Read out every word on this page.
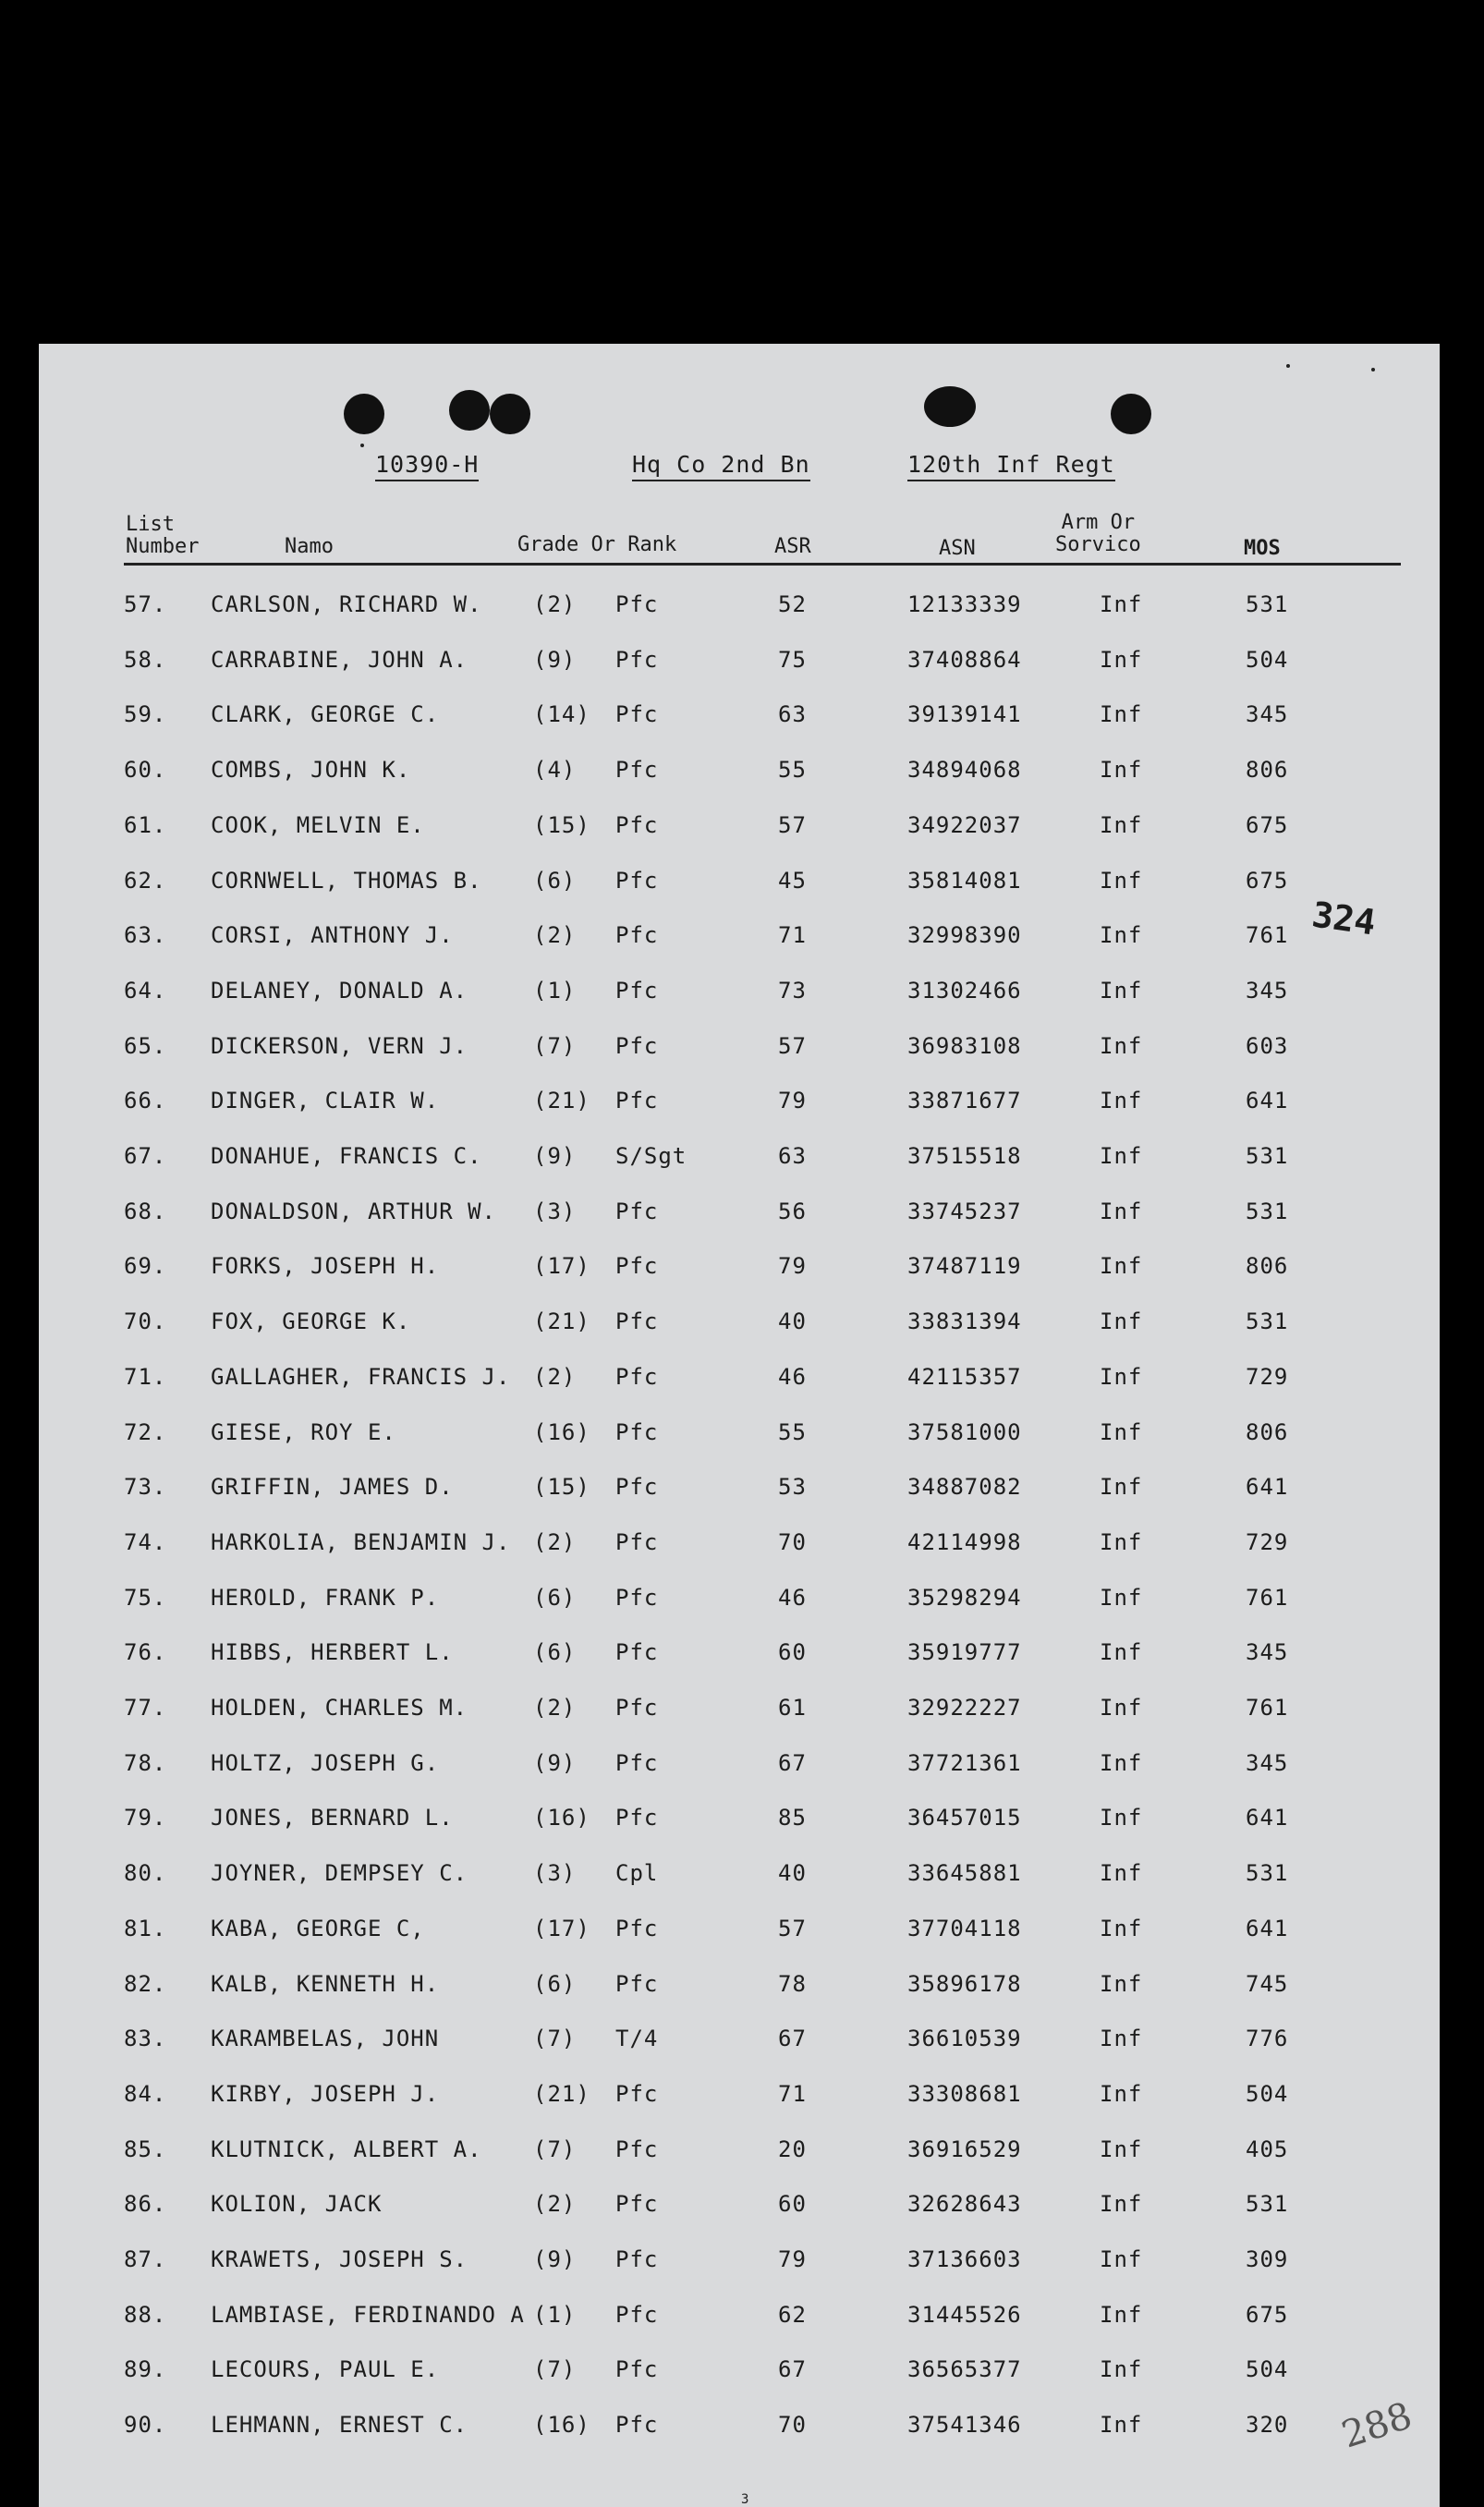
10390-H	Hq Co 2nd Bn	120th Inf Regt
List
Number	Namo	Grade Or Rank	ASR	ASN
Arm Or
Sorvico	MOS
57. CARLSON, RICHARD W. (2) Pfc	52	12133339	Inf	531
58. CARRABINE, JOHN A.	(9) Pfc	75	37408864	Inf	504
59. CLARK, GEORGE C.	(14) Pfc	63	39139141	Inf	345
60. COMBS, JOHN K.	(4) Pfc	55	34894068	Inf	806
61. COOK, MELVIN E.	(15) Pfc	57	34922037	Inf	675
62. CORNWELL, THOMAS B. (6) Pfc	45	35814081	Inf	675
63. CORSI, ANTHONY J.	(2) Pfc	71	32998390	Inf	761
64. DELANEY, DONALD A.	(1) Pfc	73	31302466	Inf	345
65. DICKERSON, VERN J.	(7) Pfc	57	36983108	Inf	603
66. DINGER, CLAIR W.	(21) Pfc	79	33871677	Inf	641
67. DONAHUE, FRANCIS C. (9) S/Sgt	63	37515518	Inf	531
68. DONALDSON, ARTHUR W. (3) Pfc	56	33745237	Inf	531
69. FORKS, JOSEPH H.	(17) Pfc	79	37487119	Inf	806
70. FOX, GEORGE K.	(21) Pfc	40	33831394	Inf	531
71. GALLAGHER, FRANCIS J. (2) Pfc	46	42115357	Inf	729
72. GIESE, ROY E.	(16) Pfc	55	37581000	Inf	806
73. GRIFFIN, JAMES D.	(15) Pfc	53	34887082	Inf	641
74. HARKOLIA, BENJAMIN J. (2) Pfc	70	42114998	Inf	729
75. HEROLD, FRANK P.	(6) Pfc	46	35298294	Inf	761
76. HIBBS, HERBERT L.	(6) Pfc	60	35919777	Inf	345
77. HOLDEN, CHARLES M.	(2) Pfc	61	32922227	Inf	761
78. HOLTZ, JOSEPH G.	(9) Pfc	67	37721361	Inf	345
79. JONES, BERNARD L.	(16) Pfc	85	36457015	Inf	641
80. JOYNER, DEMPSEY C.	(3) Cpl	40	33645881	Inf	531
81. KABA, GEORGE C,	(17) Pfc	57	37704118	Inf	641
82. KALB, KENNETH H.	(6) Pfc	78	35896178	Inf	745
83. KARAMBELAS, JOHN	(7) T/4	67	36610539	Inf	776
84. KIRBY, JOSEPH J.	(21) Pfc	71	33308681	Inf	504
85. KLUTNICK, ALBERT A. (7) Pfc	20	36916529	Inf	405
86. KOLION, JACK	(2) Pfc	60	32628643	Inf	531
87. KRAWETS, JOSEPH S.	(9) Pfc	79	37136603	Inf	309
88. LAMBIASE, FERDINANDO A (1) Pfc	62	31445526	Inf	675
89. LECOURS, PAUL E.	(7) Pfc	67	36565377	Inf	504
90. LEHMANN, ERNEST C.	(16) Pfc	70	37541346	Inf	320
324
288
3
